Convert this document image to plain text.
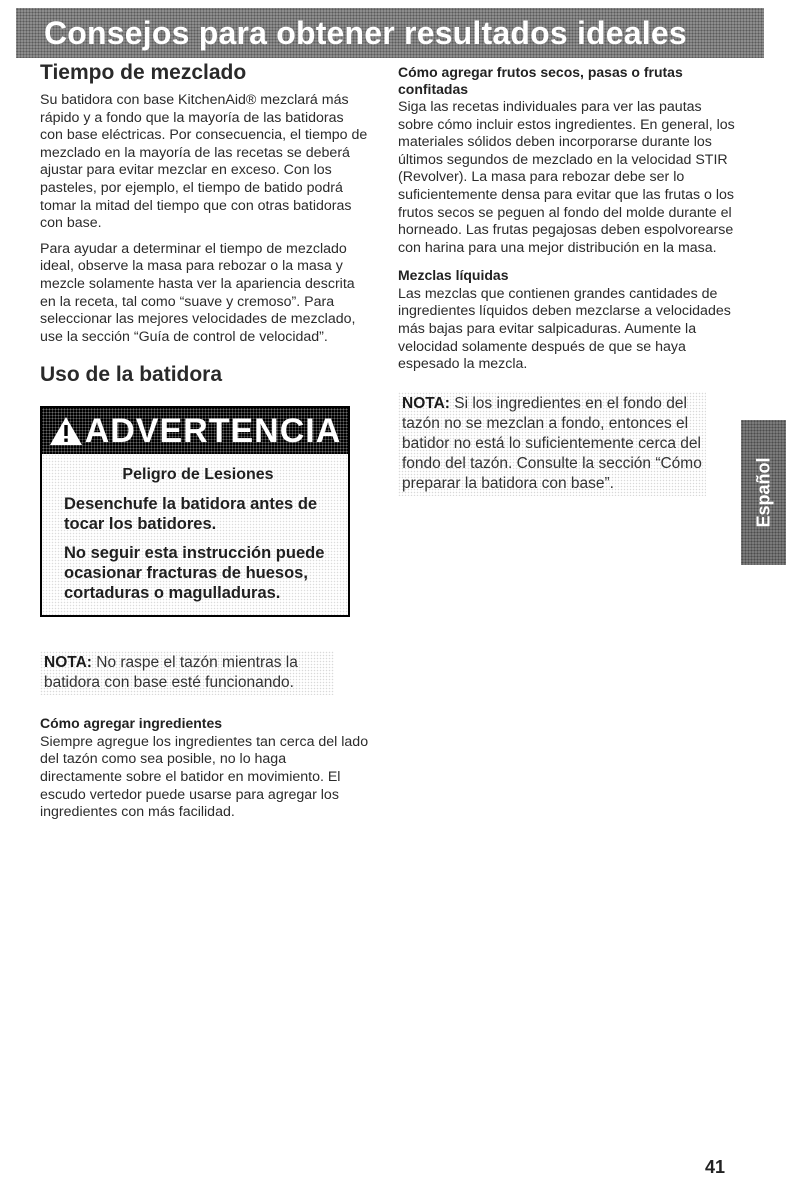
Consejos para obtener resultados ideales
Tiempo de mezclado

Su batidora con base KitchenAid® mezclará más rápido y a fondo que la mayoría de las batidoras con base eléctricas. Por consecuencia, el tiempo de mezclado en la mayoría de las recetas se deberá ajustar para evitar mezclar en exceso. Con los pasteles, por ejemplo, el tiempo de batido podrá tomar la mitad del tiempo que con otras batidoras con base.

Para ayudar a determinar el tiempo de mezclado ideal, observe la masa para rebozar o la masa y mezcle solamente hasta ver la apariencia descrita en la receta, tal como “suave y cremoso”. Para seleccionar las mejores velocidades de mezclado, use la sección “Guía de control de velocidad”.

Uso de la batidora
ADVERTENCIA
Peligro de Lesiones

Desenchufe la batidora antes de tocar los batidores.

No seguir esta instrucción puede ocasionar fracturas de huesos, cortaduras o magulladuras.

NOTA: No raspe el tazón mientras la batidora con base esté funcionando.
Cómo agregar ingredientes

Siempre agregue los ingredientes tan cerca del lado del tazón como sea posible, no lo haga directamente sobre el batidor en movimiento. El escudo vertedor puede usarse para agregar los ingredientes con más facilidad.

Cómo agregar frutos secos, pasas o frutas confitadas

Siga las recetas individuales para ver las pautas sobre cómo incluir estos ingredientes. En general, los materiales sólidos deben incorporarse durante los últimos segundos de mezclado en la velocidad STIR (Revolver). La masa para rebozar debe ser lo suficientemente densa para evitar que las frutas o los frutos secos se peguen al fondo del molde durante el horneado. Las frutas pegajosas deben espolvorearse con harina para una mejor distribución en la masa.

Mezclas líquidas

Las mezclas que contienen grandes cantidades de ingredientes líquidos deben mezclarse a velocidades más bajas para evitar salpicaduras. Aumente la velocidad solamente después de que se haya espesado la mezcla.

NOTA: Si los ingredientes en el fondo del tazón no se mezclan a fondo, entonces el batidor no está lo suficientemente cerca del fondo del tazón. Consulte la sección “Cómo preparar la batidora con base”.	Español
41
